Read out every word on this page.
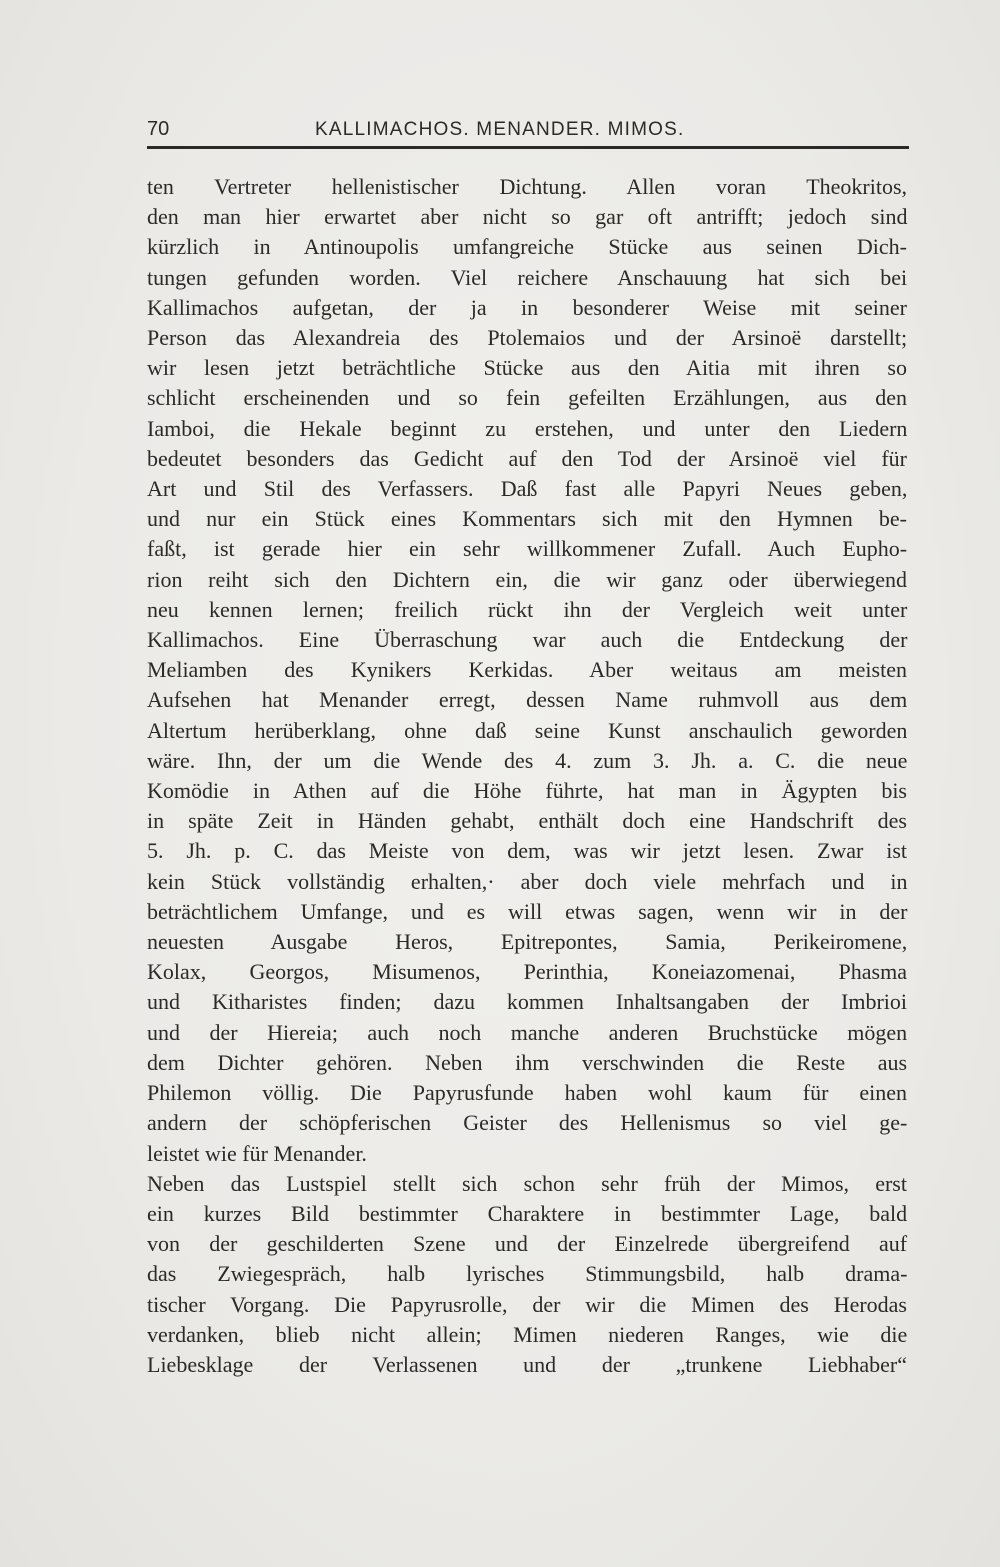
70	KALLIMACHOS. MENANDER. MIMOS.
ten Vertreter hellenistischer Dichtung. Allen voran Theokritos,
den man hier erwartet aber nicht so gar oft antrifft; jedoch sind
kürzlich in Antinoupolis umfangreiche Stücke aus seinen Dich-
tungen gefunden worden. Viel reichere Anschauung hat sich bei
Kallimachos aufgetan, der ja in besonderer Weise mit seiner
Person das Alexandreia des Ptolemaios und der Arsinoë darstellt;
wir lesen jetzt beträchtliche Stücke aus den Aitia mit ihren so
schlicht erscheinenden und so fein gefeilten Erzählungen, aus den
Iamboi, die Hekale beginnt zu erstehen, und unter den Liedern
bedeutet besonders das Gedicht auf den Tod der Arsinoë viel für
Art und Stil des Verfassers. Daß fast alle Papyri Neues geben,
und nur ein Stück eines Kommentars sich mit den Hymnen be-
faßt, ist gerade hier ein sehr willkommener Zufall. Auch Eupho-
rion reiht sich den Dichtern ein, die wir ganz oder überwiegend
neu kennen lernen; freilich rückt ihn der Vergleich weit unter
Kallimachos. Eine Überraschung war auch die Entdeckung der
Meliamben des Kynikers Kerkidas. Aber weitaus am meisten
Aufsehen hat Menander erregt, dessen Name ruhmvoll aus dem
Altertum herüberklang, ohne daß seine Kunst anschaulich geworden
wäre. Ihn, der um die Wende des 4. zum 3. Jh. a. C. die neue
Komödie in Athen auf die Höhe führte, hat man in Ägypten bis
in späte Zeit in Händen gehabt, enthält doch eine Handschrift des
5. Jh. p. C. das Meiste von dem, was wir jetzt lesen. Zwar ist
kein Stück vollständig erhalten,· aber doch viele mehrfach und in
beträchtlichem Umfange, und es will etwas sagen, wenn wir in der
neuesten Ausgabe Heros, Epitrepontes, Samia, Perikeiromene,
Kolax, Georgos, Misumenos, Perinthia, Koneiazomenai, Phasma
und Kitharistes finden; dazu kommen Inhaltsangaben der Imbrioi
und der Hiereia; auch noch manche anderen Bruchstücke mögen
dem Dichter gehören. Neben ihm verschwinden die Reste aus
Philemon völlig. Die Papyrusfunde haben wohl kaum für einen
andern der schöpferischen Geister des Hellenismus so viel ge-
leistet wie für Menander.
Neben das Lustspiel stellt sich schon sehr früh der Mimos, erst
ein kurzes Bild bestimmter Charaktere in bestimmter Lage, bald
von der geschilderten Szene und der Einzelrede übergreifend auf
das Zwiegespräch, halb lyrisches Stimmungsbild, halb drama-
tischer Vorgang. Die Papyrusrolle, der wir die Mimen des Herodas
verdanken, blieb nicht allein; Mimen niederen Ranges, wie die
Liebesklage der Verlassenen und der „trunkene Liebhaber“
